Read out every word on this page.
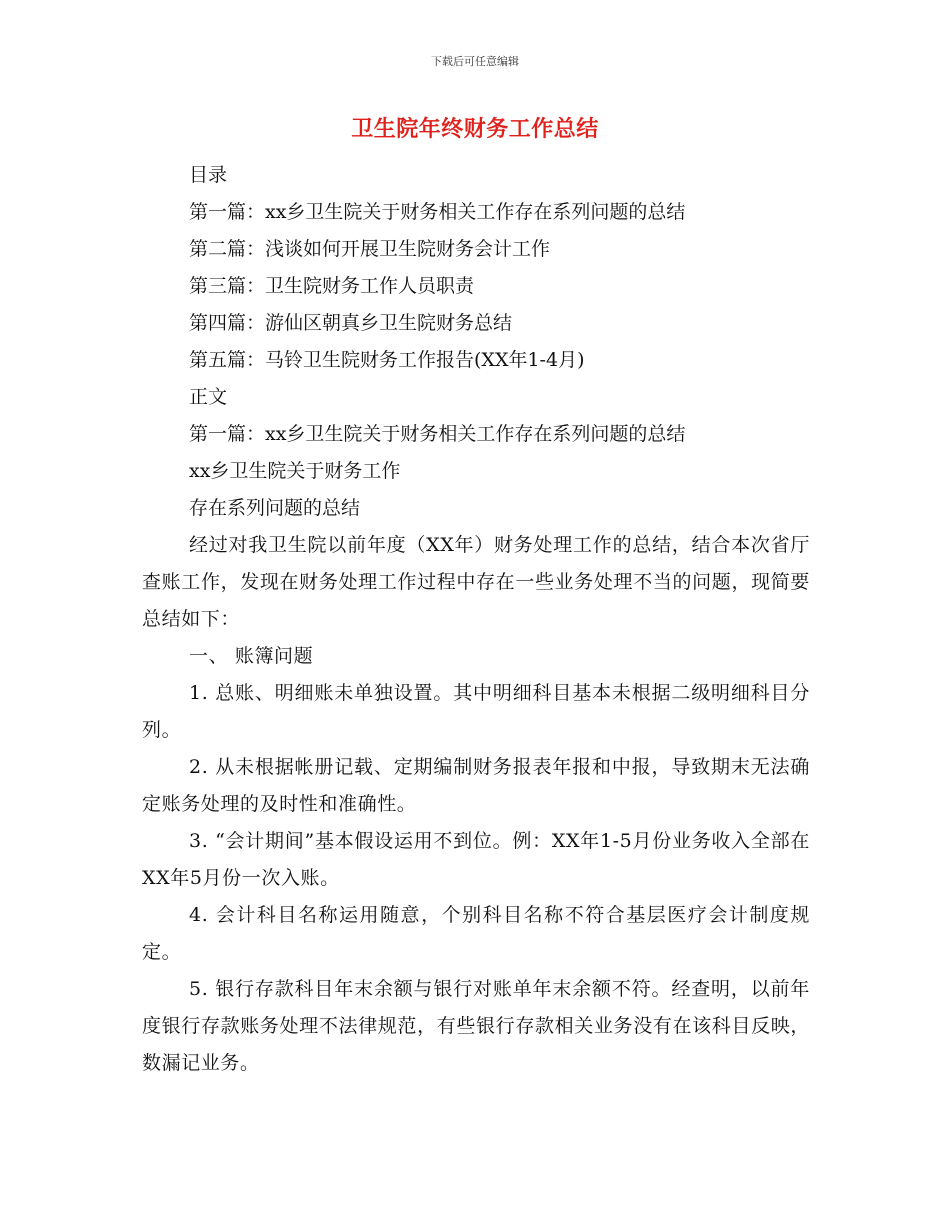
下载后可任意编辑
卫生院年终财务工作总结

目录

第一篇：xx乡卫生院关于财务相关工作存在系列问题的总结

第二篇：浅谈如何开展卫生院财务会计工作

第三篇：卫生院财务工作人员职责

第四篇：游仙区朝真乡卫生院财务总结

第五篇：马铃卫生院财务工作报告(XX年1-4月)

正文

第一篇：xx乡卫生院关于财务相关工作存在系列问题的总结

xx乡卫生院关于财务工作

存在系列问题的总结

经过对我卫生院以前年度（XX年）财务处理工作的总结，结合本次省厅查账工作，发现在财务处理工作过程中存在一些业务处理不当的问题，现简要总结如下：

一、 账簿问题

1. 总账、明细账未单独设置。其中明细科目基本未根据二级明细科目分列。

2. 从未根据帐册记载、定期编制财务报表年报和中报，导致期末无法确定账务处理的及时性和准确性。

3. “会计期间”基本假设运用不到位。例：XX年1-5月份业务收入全部在XX年5月份一次入账。

4. 会计科目名称运用随意，个别科目名称不符合基层医疗会计制度规定。

5. 银行存款科目年末余额与银行对账单年末余额不符。经查明，以前年度银行存款账务处理不法律规范，有些银行存款相关业务没有在该科目反映，数漏记业务。
